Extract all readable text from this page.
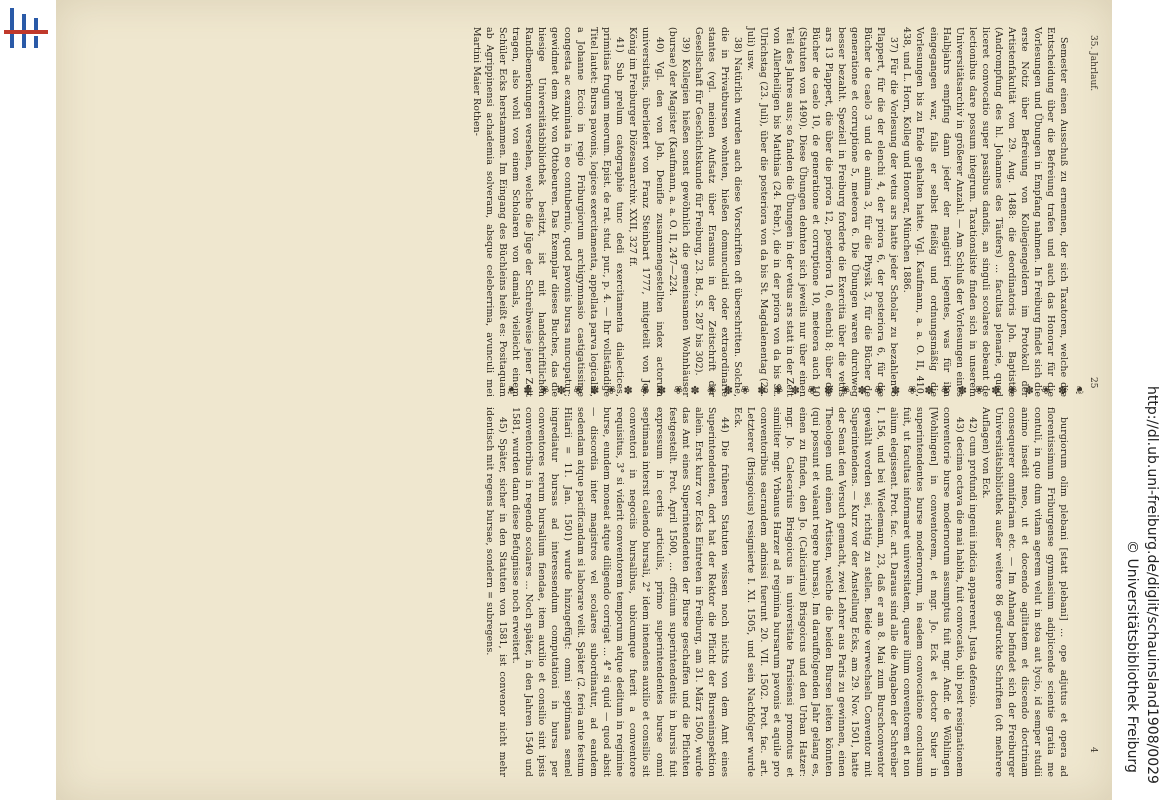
35. Jahrlauf.
25
4

Semester einen Ausschuß zu ernennen, der sich Taxatoren, welche die Entscheidung über die Befreiung trafen und auch das Honorar für die Vorlesungen und Übungen in Empfang nahmen. In Freiburg findet sich die erste Notiz über Befreiung von Kollegiengeldern im Protokoll der Artistenfakultät von 29. Aug. 1488: die deordinatoris Joh. Baptistae (Andrompfung des hl. Johannes des Täufers) ... facultas plenarie, quod liceret convocatio super passibus dandis, an singuli scolares debeant de lectionibus dare possum integrum. Taxationsliste finden sich in unserem Universitätsarchiv in größerer Anzahl. — Am Schluß der Vorlesungen eines Halbjahrs empfing dann jeder der magistri legentes, was für ihn eingegangen war, falls er selbst fleißig und ordnungsmäßig die Vorlesungen bis zu Ende gehalten hatte. Vgl. Kaufmann, a. a. O. II, 410, 438, und L. Horn, Kolleg und Honorar, München 1886.

37) Für die Vorlesung der vetus ars hatte jeder Scholar zu bezahlen 6 Plappert, für die der elenchi 4, der priora 6, der posteriora 6, für die Bücher de caelo 3 und de anima 3, für die Physik 3, für die Bücher de generatione et corruptione 5, meteora 6. Die Übungen waren durchweg besser bezahlt. Speziell in Freiburg forderte die Exercitia über die vetus ars 13 Plappert, die über die priora 12, posteriora 10, elenchi 8; über die Bücher de caelo 10, de generatione et corruptione 10, meteora auch 10 (Statuten von 1490). Diese Übungen dehnten sich jeweils nur über einen Teil des Jahres aus; so fanden die Übungen in der vetus ars statt in der Zeit von Allerheiligen bis Matthias (24. Febr.), die in der priora von da bis St. Ulrichstag (23. Juli), über die posteriora von da bis St. Magdalenentag (22. Juli) usw.

38) Natürlich wurden auch diese Vorschriften oft überschritten. Solche, die in Privatbursen wohnten, hießen domunculati oder extraordinarie stantes (vgl. meinen Aufsatz über Erasmus in der Zeitschrift der Gesellschaft für Geschichtskunde für Freiburg, 23. Bd., S. 287 bis 302).

39) Kollegien hießen sonst gewöhnlich die gemeinsamen Wohnhäuser (bursae) der Magister (Kaufmann, a. a. O. II, 247—224.

40) Vgl. den von Joh. Denifle zusammengestellten index actorum universitatis, überliefert von Franz Steinbart 1777, mitgeteilt von Jos. König im Freiburger Diözesanarchiv. XXII, 327 ff.

41) Sub prelum catographie tunc dedi exercitamenta dialectices, primitias frugum meorum. Epist. de rat. stud. pur., p. 4. — Ihr vollständige Titel lautet: Bursa pavonis, logices exercitamenta, appellata parva logicalia, a Johanne Eccio in regio Friburgiorum archigymnasio castigatissime congesta ac examinata in eo contubernio, quod pavonis bursa nuncupatur; gewidmet dem Abt von Ottobeuren. Das Exemplar dieses Buches, das die hiesige Universitätsbibliothek besitzt, ist mit handschriftlichen Randbemerkungen versehen, welche die Jüge der Schreibweise jener Zeit tragen, also wohl von einem Scholaren von damals, vielleicht einem Schüler Ecks herstammen. Im Eingang des Büchleins heißt es: Positaquam ab Agrippinensi achademia solveram, absque celeberrima, avunculi mei Martini Maier Rothen-

❦ ✽ ❀ ✽ ❀ ✽ ❀ ✽ ❀ ✽ ❀ ✽ ❀ ✽ ❀ ✽ ❀ ✽ ❀ ✽ ❀ ✽ ❀ ✽ ❀ ✽ ❀ ✽ ❀ ✽ ❀ ✽ ❀ ✽ ❦

burgiorum olim plebani [statt plebani] ... ope adjutus et opera ad florentissimum Friburgense gymnasium adiplicende scientie gratia me contuli, in quo dum vitam agerem velut in stoa aut lycio, id semper studii animo insedit meo, ut et docendo agilitatem et discendo doctrinam consequerer omnifariam etc. — Im Anhang befindet sich der Freiburger Universitätsbibliothek außer weitere 86 gedruckte Schriften (oft mehrere Auflagen) von Eck.

42) cum profundi ingenii indicia apparerent. Justa defensio.

43) decima octava die mai habita, fuit convocatio, ubi post resignationem conventorie burse modernorum assumptus fuit mgr. Andr. de Wöhlingen [Wohlingen] in conventorem, et mgr. Jo. Eck et doctor Suter in superintendentes burse modernorum, in eadem convocatione conclusum fuit, ut facultas informaret universitatem, quare illum conventorem et non alium elegissent. Prot. fac. art. Daraus sind alle die Angaben der Schreiber I, 156, und bei Wiedemann, 23, daß er am 8. Mai zum Burschconventor gewählt worden sei, richtig zu stellen. Beide verwechseln Conventor mit Superintendens. — Kurz vor der Anstellung Ecks, am 29. Nov. 1501, hatte der Senat den Versuch gemacht, zwei Lehrer aus Paris zu gewinnen, einen Theologen und einen Artisten, welche die beiden Bursen leiten könnten (qui possunt et valeant regere bursas). Im darauffolgenden Jahr gelang es, einen zu finden, den Jo. (Caliciarius) Brisgoicus und den Urban Hatzer: mgr. Jo. Calecarius Brisgoicus in universitate Parisiensi promotus et similiter mgr. Vrbanus Harzer ad regimina bursarum pavonis et aquile pro conventoribus eacrandem admissi fuerunt 20. VII. 1502. Prot. fac. art. Letzterer (Brisgoicus) resignierte I. XI. 1505, und sein Nachfolger wurde Eck.

44) Die früheren Statuten wissen noch nichts von dem Amt eines Superintendenten, dort hat der Rektor die Pflicht der Burseninspektion allein. Erst kurz vor Ecks Eintreten in Freiburg, am 31. März 1500, wurde das Amt eines Superintendenten der Burse geschaffen und die Pflichten festgestellt. Prot. April 1500, ... officium superintendentis in bursis fuit expressum in certis articulis, primo superintendentes burse omni septimana intersit calendo bursali, 2° idem intendens auxilio et consilio sit conventori in negociis bursalibus, ubicumque fuerit a conventore requisitus, 3° si viderit conventorem temporum atque deditum in regimine burse, eundem moneat atque diligendo corrigat ... 4° si quid — quod absit — discordia inter magistros vel scolares subordinatur, ad eandem sedendam atque pacificandam si laborare velit. Später (2. feria ante festum Hilarii = 11. Jan. 1501) wurde hinzugefügt: omni septimana semel ingrediatur bursas ad interessendum computationi in bursa per conventores rerum bursalium fiendae, item auxilio et consilio sint ipsis conventoribus in regendo scolares ... Noch später, in den Jahren 1540 und 1581, wurden dann diese Befugnisse noch erweitert.

45) Später, sicher in den Statuten von 1581, ist convenor nicht mehr identisch mit regens bursae, sondern = subregens.	http://dl.ub.uni-freiburg.de/diglit/schauinsland1908/0029
© Universitätsbibliothek Freiburg
